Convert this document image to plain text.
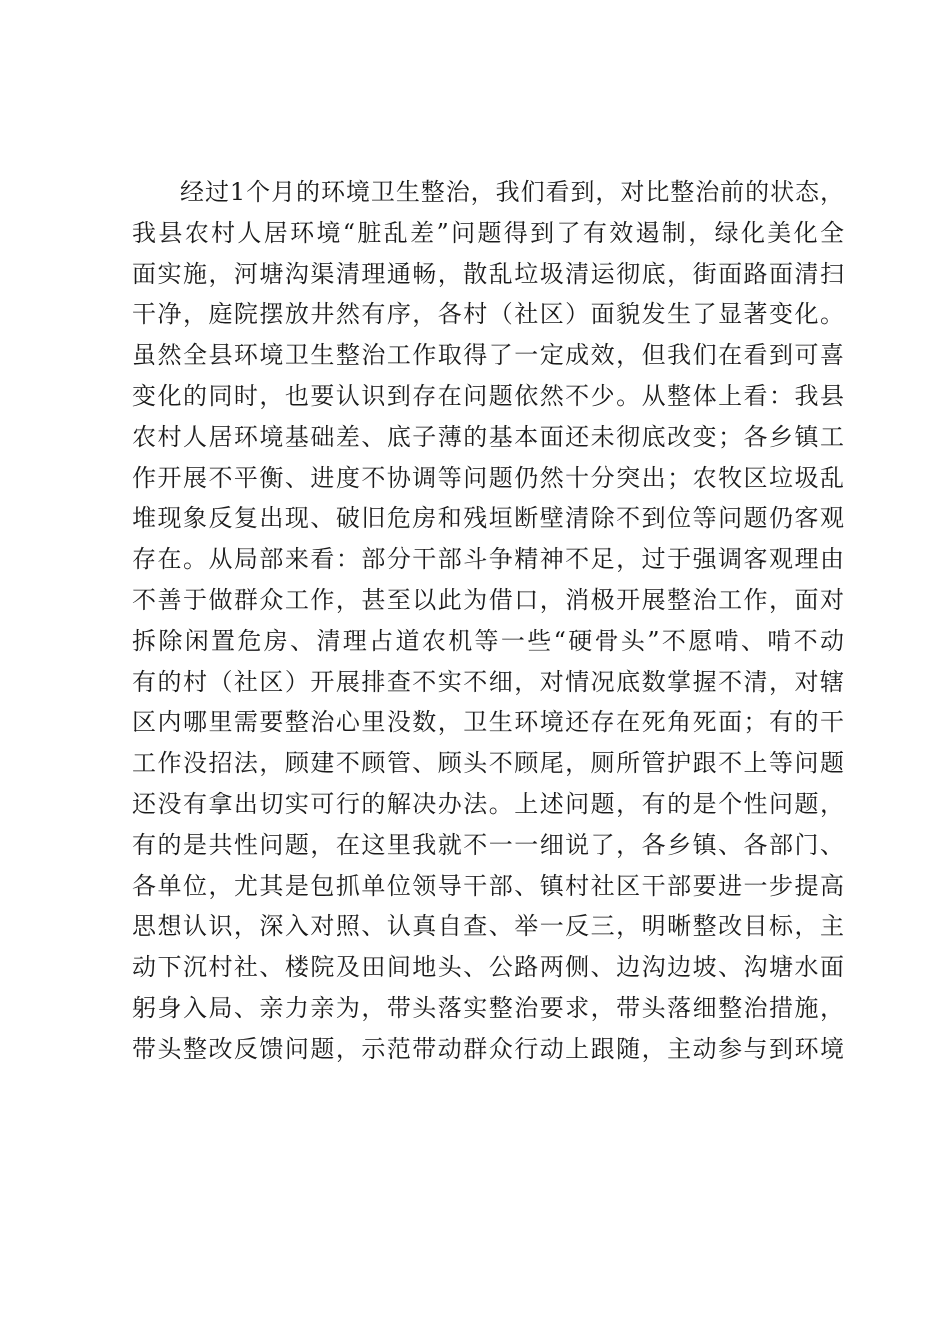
经过1个月的环境卫生整治，我们看到，对比整治前的状态，
我县农村人居环境“脏乱差”问题得到了有效遏制，绿化美化全
面实施，河塘沟渠清理通畅，散乱垃圾清运彻底，街面路面清扫
干净，庭院摆放井然有序，各村（社区）面貌发生了显著变化。
虽然全县环境卫生整治工作取得了一定成效，但我们在看到可喜
变化的同时，也要认识到存在问题依然不少。从整体上看：我县
农村人居环境基础差、底子薄的基本面还未彻底改变；各乡镇工
作开展不平衡、进度不协调等问题仍然十分突出；农牧区垃圾乱
堆现象反复出现、破旧危房和残垣断壁清除不到位等问题仍客观
存在。从局部来看：部分干部斗争精神不足，过于强调客观理由
不善于做群众工作，甚至以此为借口，消极开展整治工作，面对
拆除闲置危房、清理占道农机等一些“硬骨头”不愿啃、啃不动
有的村（社区）开展排查不实不细，对情况底数掌握不清，对辖
区内哪里需要整治心里没数，卫生环境还存在死角死面；有的干
工作没招法，顾建不顾管、顾头不顾尾，厕所管护跟不上等问题
还没有拿出切实可行的解决办法。上述问题，有的是个性问题，
有的是共性问题，在这里我就不一一细说了，各乡镇、各部门、
各单位，尤其是包抓单位领导干部、镇村社区干部要进一步提高
思想认识，深入对照、认真自查、举一反三，明晰整改目标，主
动下沉村社、楼院及田间地头、公路两侧、边沟边坡、沟塘水面
躬身入局、亲力亲为，带头落实整治要求，带头落细整治措施，
带头整改反馈问题，示范带动群众行动上跟随，主动参与到环境
